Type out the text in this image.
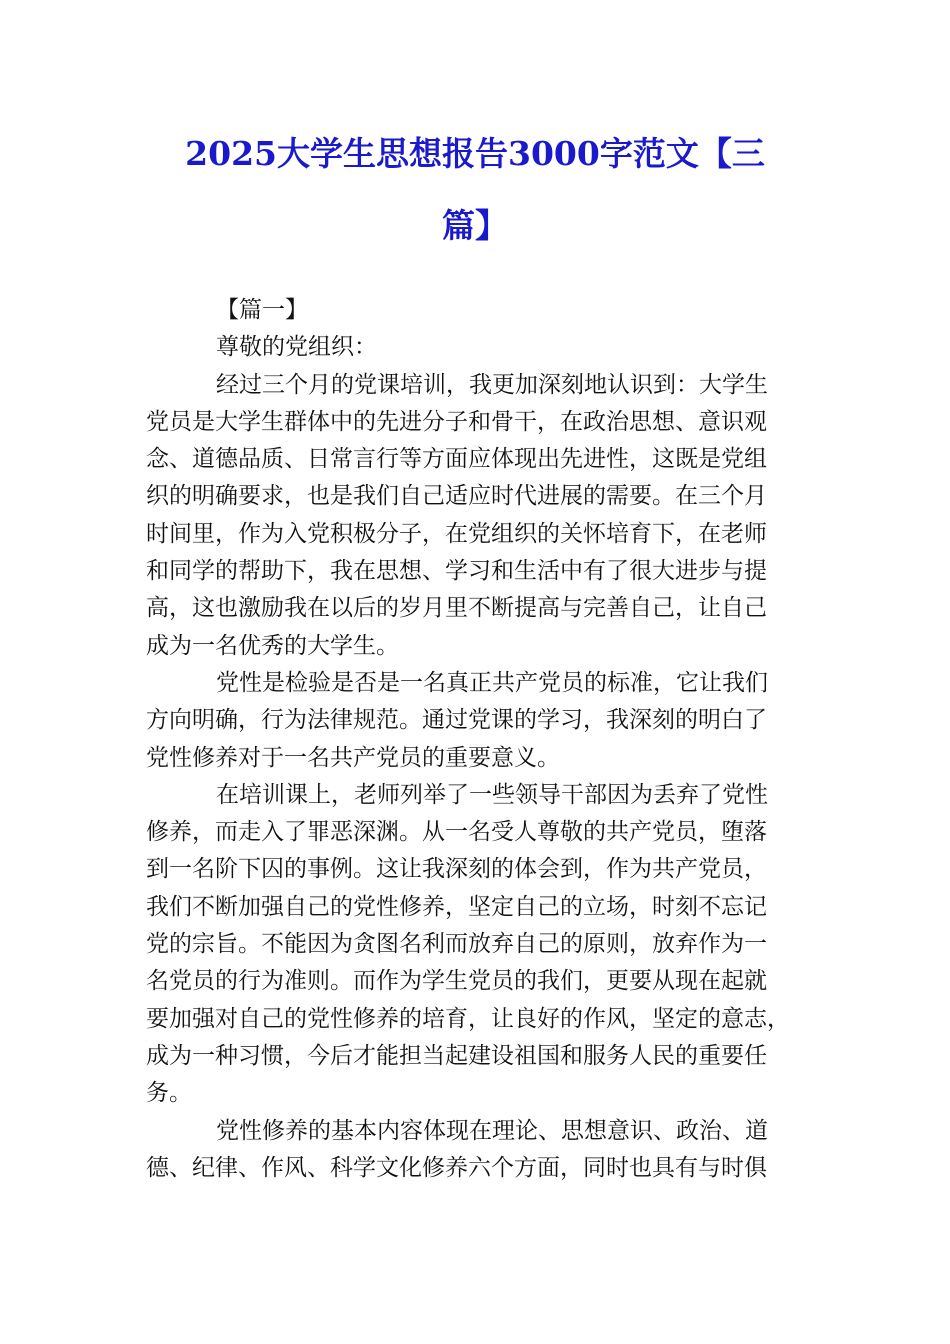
2025大学生思想报告3000字范文【三
篇】
【篇一】
尊敬的党组织：
经过三个月的党课培训，我更加深刻地认识到：大学生
党员是大学生群体中的先进分子和骨干，在政治思想、意识观
念、道德品质、日常言行等方面应体现出先进性，这既是党组
织的明确要求，也是我们自己适应时代进展的需要。在三个月
时间里，作为入党积极分子，在党组织的关怀培育下，在老师
和同学的帮助下，我在思想、学习和生活中有了很大进步与提
高，这也激励我在以后的岁月里不断提高与完善自己，让自己
成为一名优秀的大学生。
党性是检验是否是一名真正共产党员的标准，它让我们
方向明确，行为法律规范。通过党课的学习，我深刻的明白了
党性修养对于一名共产党员的重要意义。
在培训课上，老师列举了一些领导干部因为丢弃了党性
修养，而走入了罪恶深渊。从一名受人尊敬的共产党员，堕落
到一名阶下囚的事例。这让我深刻的体会到，作为共产党员，
我们不断加强自己的党性修养，坚定自己的立场，时刻不忘记
党的宗旨。不能因为贪图名利而放弃自己的原则，放弃作为一
名党员的行为准则。而作为学生党员的我们，更要从现在起就
要加强对自己的党性修养的培育，让良好的作风，坚定的意志，
成为一种习惯，今后才能担当起建设祖国和服务人民的重要任
务。
党性修养的基本内容体现在理论、思想意识、政治、道
德、纪律、作风、科学文化修养六个方面，同时也具有与时俱
